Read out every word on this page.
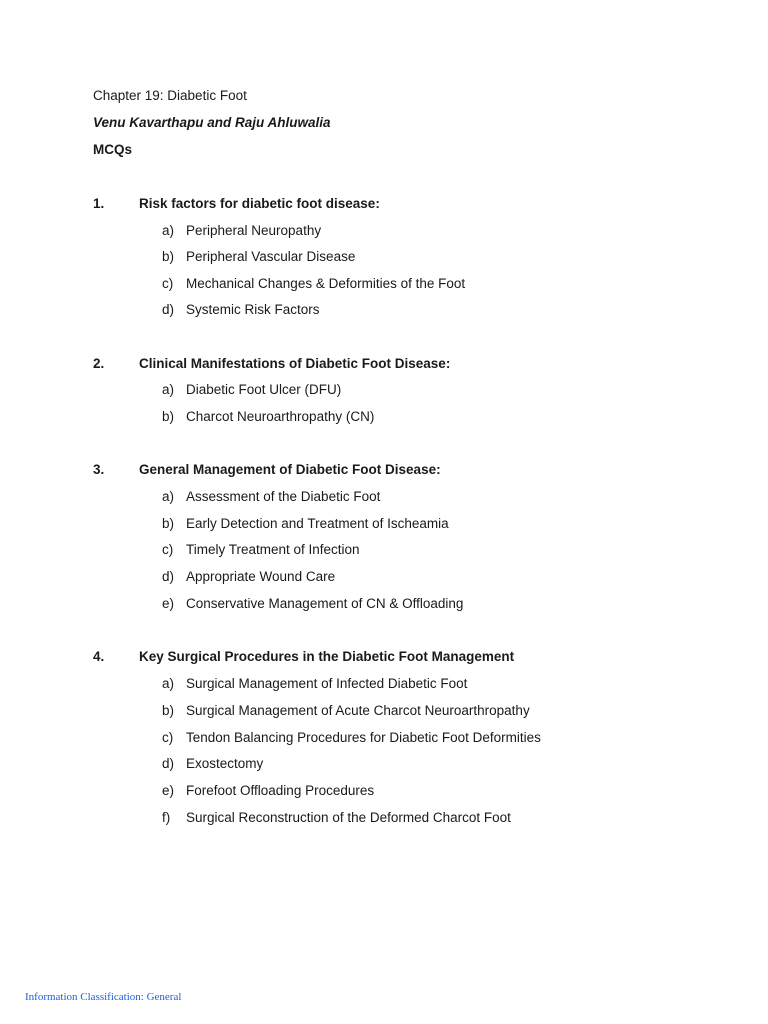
Chapter 19: Diabetic Foot
Venu Kavarthapu and Raju Ahluwalia
MCQs
1.	Risk factors for diabetic foot disease:
a) Peripheral Neuropathy
b) Peripheral Vascular Disease
c) Mechanical Changes & Deformities of the Foot
d) Systemic Risk Factors
2.	Clinical Manifestations of Diabetic Foot Disease:
a) Diabetic Foot Ulcer (DFU)
b) Charcot Neuroarthropathy (CN)
3.	General Management of Diabetic Foot Disease:
a) Assessment of the Diabetic Foot
b) Early Detection and Treatment of Ischeamia
c) Timely Treatment of Infection
d) Appropriate Wound Care
e) Conservative Management of CN & Offloading
4.	Key Surgical Procedures in the Diabetic Foot Management
a) Surgical Management of Infected Diabetic Foot
b) Surgical Management of Acute Charcot Neuroarthropathy
c) Tendon Balancing Procedures for Diabetic Foot Deformities
d) Exostectomy
e) Forefoot Offloading Procedures
f) Surgical Reconstruction of the Deformed Charcot Foot
Information Classification: General
